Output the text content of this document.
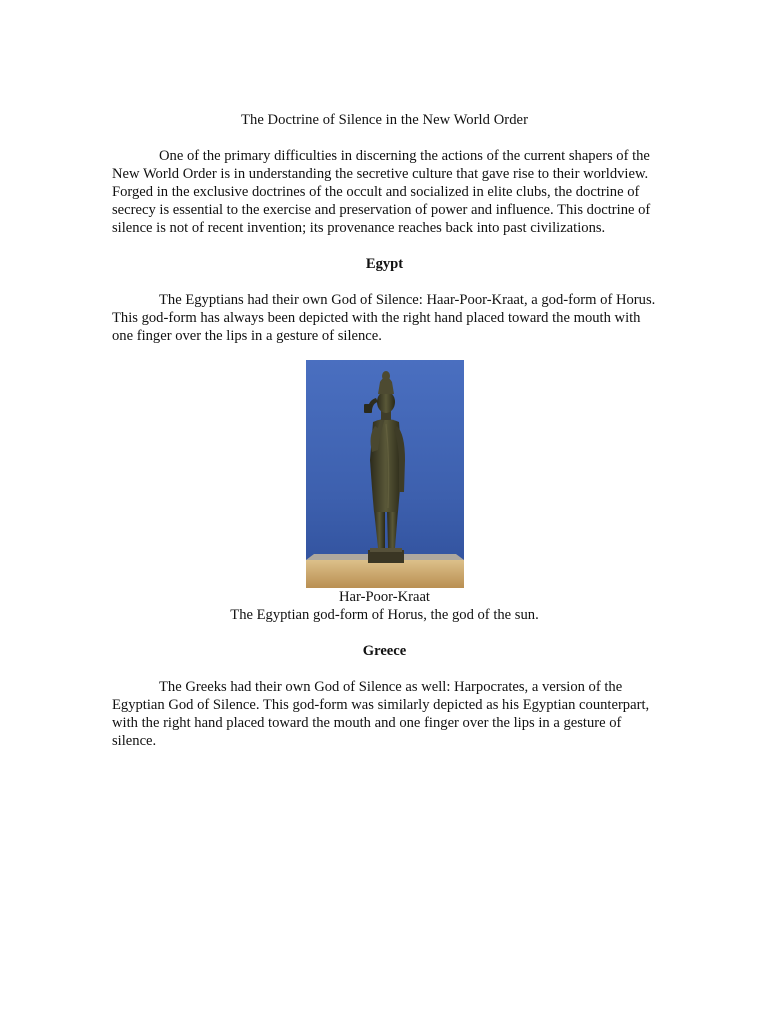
The Doctrine of Silence in the New World Order

One of the primary difficulties in discerning the actions of the current shapers of the New World Order is in understanding the secretive culture that gave rise to their worldview. Forged in the exclusive doctrines of the occult and socialized in elite clubs, the doctrine of secrecy is essential to the exercise and preservation of power and influence. This doctrine of silence is not of recent invention; its provenance reaches back into past civilizations.

Egypt

The Egyptians had their own God of Silence: Haar-Poor-Kraat, a god-form of Horus. This god-form has always been depicted with the right hand placed toward the mouth with one finger over the lips in a gesture of silence.

Har-Poor-Kraat

The Egyptian god-form of Horus, the god of the sun.

Greece

The Greeks had their own God of Silence as well: Harpocrates, a version of the Egyptian God of Silence. This god-form was similarly depicted as his Egyptian counterpart, with the right hand placed toward the mouth and one finger over the lips in a gesture of silence.
